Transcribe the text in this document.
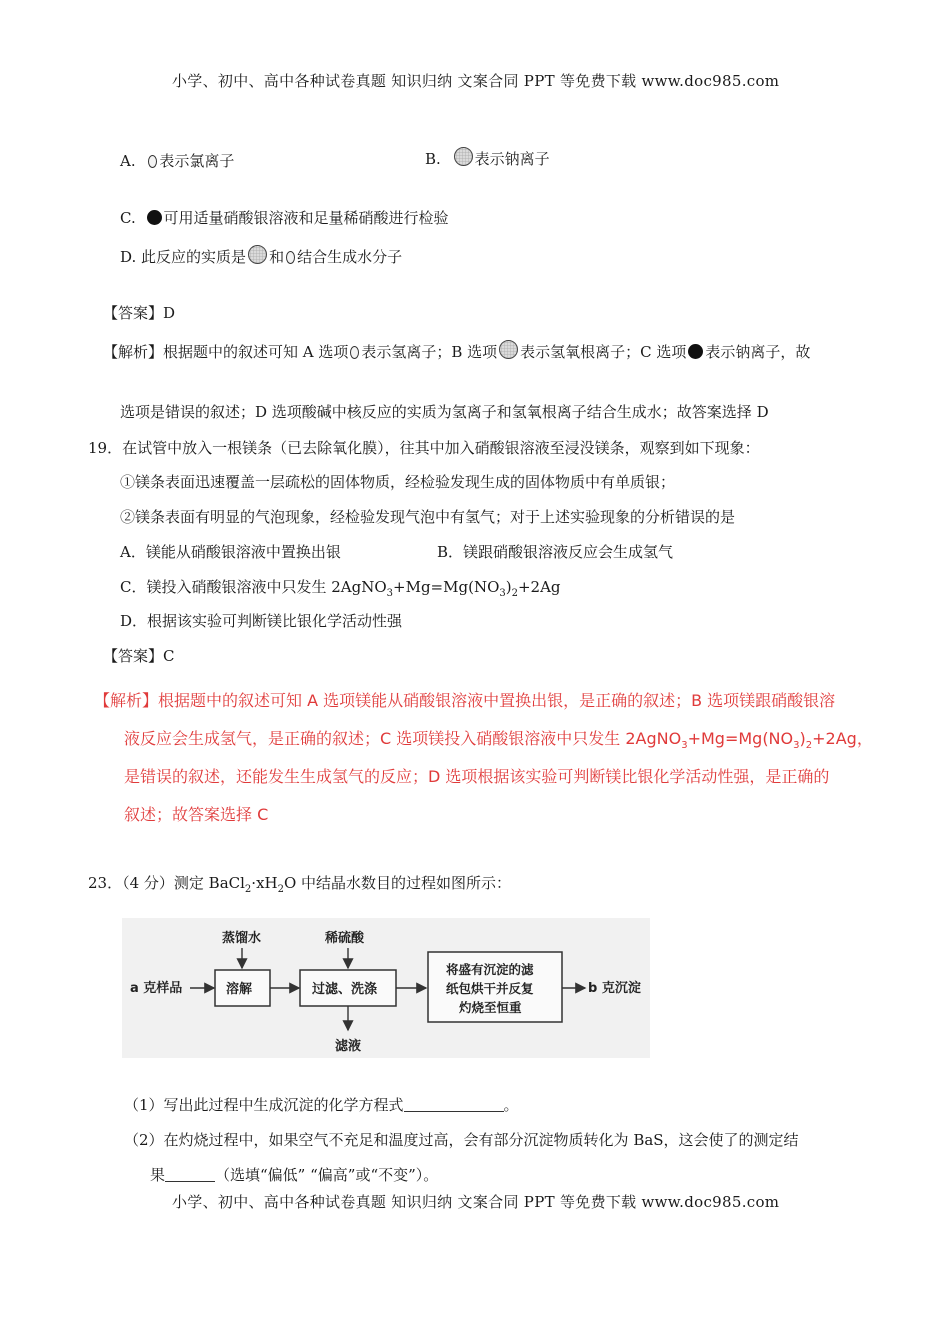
小学、初中、高中各种试卷真题 知识归纳 文案合同 PPT 等免费下载 www.doc985.com
A. 表示氯离子	B. 表示钠离子
C. 可用适量硝酸银溶液和足量稀硝酸进行检验
D. 此反应的实质是 和 结合生成水分子
【答案】D
【解析】根据题中的叙述可知 A 选项 表示氢离子；B 选项 表示氢氧根离子；C 选项 表示钠离子，故
选项是错误的叙述；D 选项酸碱中核反应的实质为氢离子和氢氧根离子结合生成水；故答案选择 D
19．在试管中放入一根镁条（已去除氧化膜），往其中加入硝酸银溶液至浸没镁条，观察到如下现象：
①镁条表面迅速覆盖一层疏松的固体物质，经检验发现生成的固体物质中有单质银；
②镁条表面有明显的气泡现象，经检验发现气泡中有氢气；对于上述实验现象的分析错误的是
A．镁能从硝酸银溶液中置换出银	B．镁跟硝酸银溶液反应会生成氢气
C．镁投入硝酸银溶液中只发生 $2AgNO_3+Mg=Mg(NO_3)_2+2Ag$
D．根据该实验可判断镁比银化学活动性强
【答案】C
【解析】根据题中的叙述可知 A 选项镁能从硝酸银溶液中置换出银，是正确的叙述；B 选项镁跟硝酸银溶
液反应会生成氢气，是正确的叙述；C 选项镁投入硝酸银溶液中只发生 $2AgNO_3+Mg=Mg(NO_3)_2+2Ag$，
是错误的叙述，还能发生生成氢气的反应；D 选项根据该实验可判断镁比银化学活动性强，是正确的
叙述；故答案选择 C
23．（4 分）测定 $BaCl_2\cdot xH_2O$ 中结晶水数目的过程如图所示：
a 克样品
蒸馏水
溶解
稀硫酸
过滤、洗涤
滤液
将盛有沉淀的滤
纸包烘干并反复
灼烧至恒重
b 克沉淀
（1）写出此过程中生成沉淀的化学方程式	。
（2）在灼烧过程中，如果空气不充足和温度过高，会有部分沉淀物质转化为 BaS，这会使了的测定结
果	（选填“偏低” “偏高”或“不变”）。
小学、初中、高中各种试卷真题 知识归纳 文案合同 PPT 等免费下载 www.doc985.com
